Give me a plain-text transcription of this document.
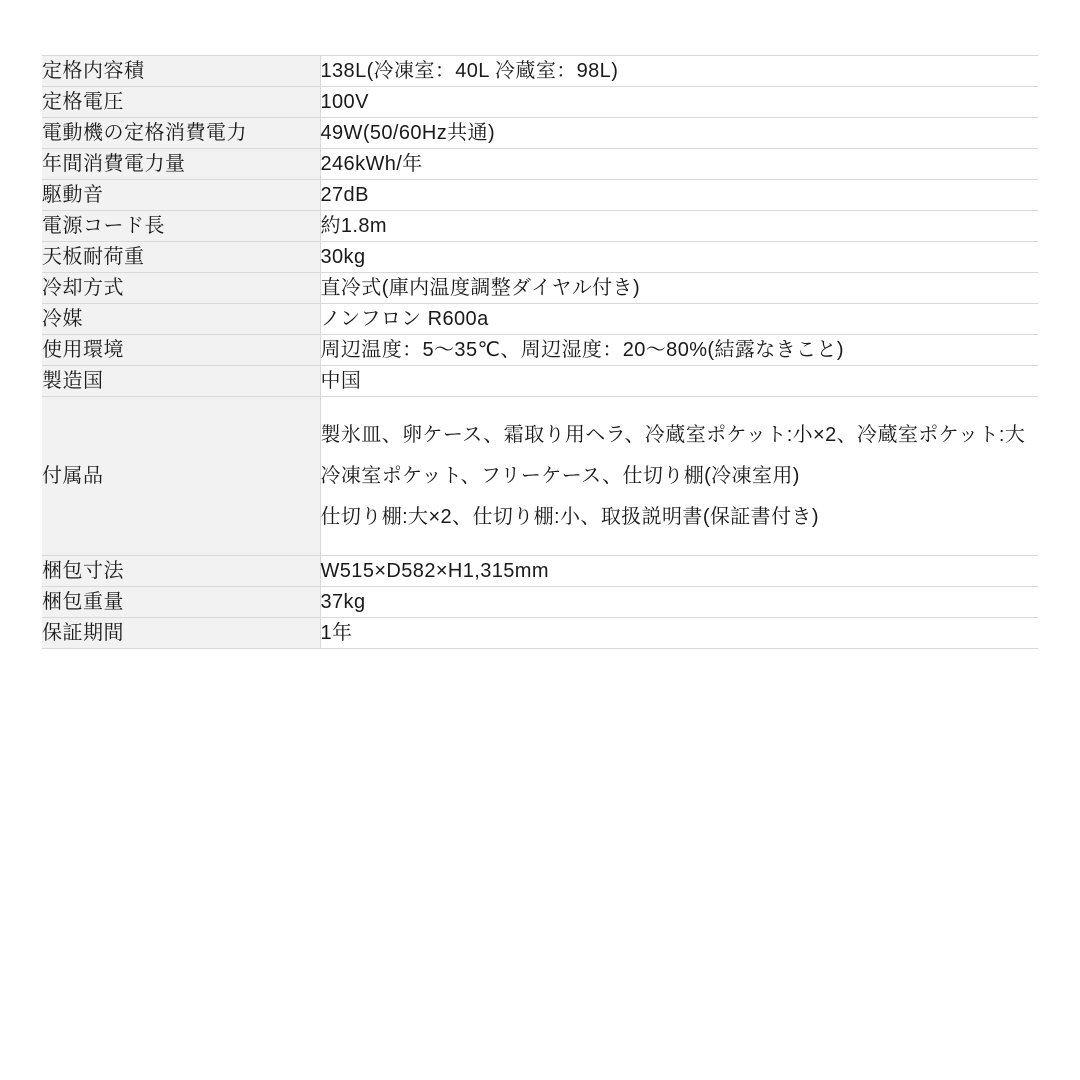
定格内容積	138L(冷凍室：40L 冷蔵室：98L)

定格電圧	100V

電動機の定格消費電力	49W(50/60Hz共通)

年間消費電力量	246kWh/年

駆動音	27dB

電源コード長	約1.8m

天板耐荷重	30kg

冷却方式	直冷式(庫内温度調整ダイヤル付き)

冷媒	ノンフロン R600a

使用環境	周辺温度：5〜35℃、周辺湿度：20〜80%(結露なきこと)

製造国	中国

付属品	製氷皿、卵ケース、霜取り用ヘラ、冷蔵室ポケット:小×2、冷蔵室ポケット:大
冷凍室ポケット、フリーケース、仕切り棚(冷凍室用)
仕切り棚:大×2、仕切り棚:小、取扱説明書(保証書付き)

梱包寸法	W515×D582×H1,315mm

梱包重量	37kg

保証期間	1年
